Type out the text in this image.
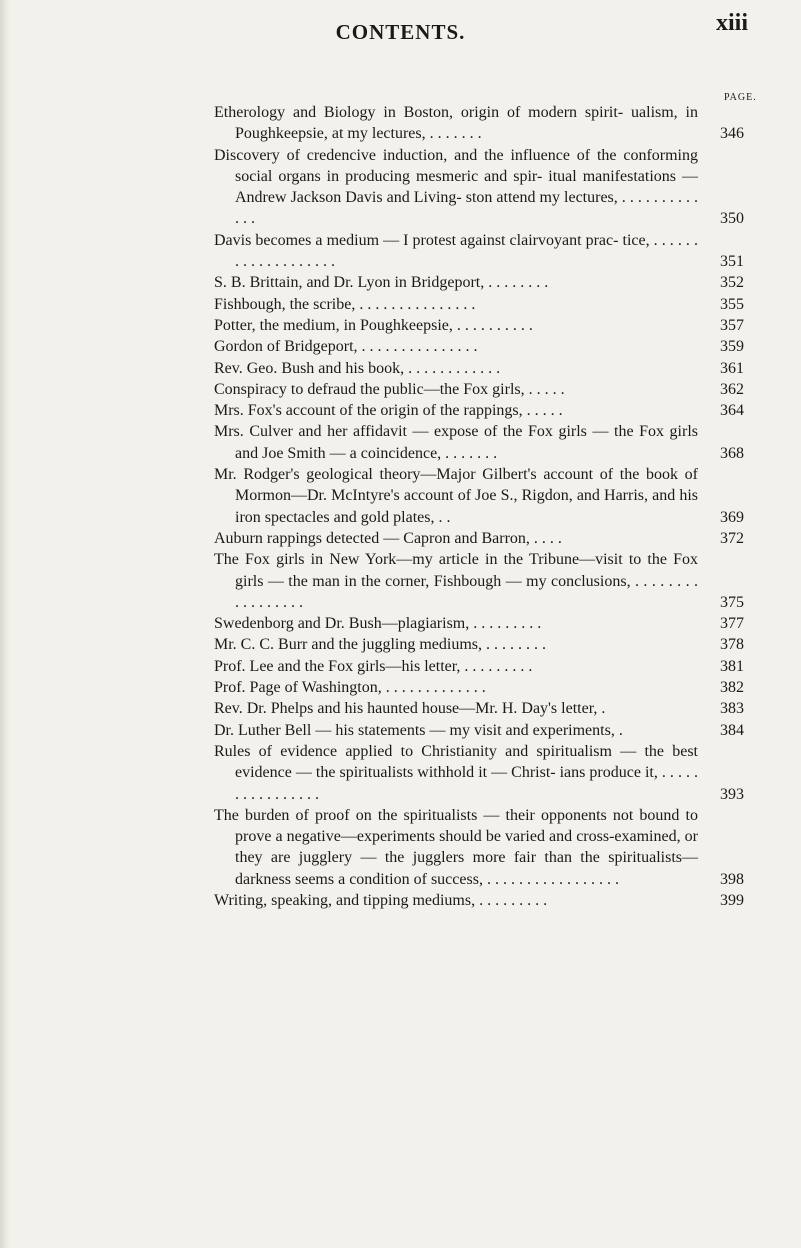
CONTENTS.	xiii
PAGE.
Etherology and Biology in Boston, origin of modern spirit- ualism, in Poughkeepsie, at my lectures, . . . . . . .	346
Discovery of credencive induction, and the influence of the conforming social organs in producing mesmeric and spir- itual manifestations — Andrew Jackson Davis and Living- ston attend my lectures, . . . . . . . . . . . . .	350
Davis becomes a medium — I protest against clairvoyant prac- tice, . . . . . . . . . . . . . . . . . . .	351
S. B. Brittain, and Dr. Lyon in Bridgeport, . . . . . . . .	352
Fishbough, the scribe, . . . . . . . . . . . . . . .	355
Potter, the medium, in Poughkeepsie, . . . . . . . . . .	357
Gordon of Bridgeport, . . . . . . . . . . . . . . .	359
Rev. Geo. Bush and his book, . . . . . . . . . . . .	361
Conspiracy to defraud the public—the Fox girls, . . . . .	362
Mrs. Fox's account of the origin of the rappings, . . . . .	364
Mrs. Culver and her affidavit — expose of the Fox girls — the Fox girls and Joe Smith — a coincidence, . . . . . . .	368
Mr. Rodger's geological theory—Major Gilbert's account of the book of Mormon—Dr. McIntyre's account of Joe S., Rigdon, and Harris, and his iron spectacles and gold plates, . .	369
Auburn rappings detected — Capron and Barron, . . . .	372
The Fox girls in New York—my article in the Tribune—visit to the Fox girls — the man in the corner, Fishbough — my conclusions, . . . . . . . . . . . . . . . . .	375
Swedenborg and Dr. Bush—plagiarism, . . . . . . . . .	377
Mr. C. C. Burr and the juggling mediums, . . . . . . . .	378
Prof. Lee and the Fox girls—his letter, . . . . . . . . .	381
Prof. Page of Washington, . . . . . . . . . . . . .	382
Rev. Dr. Phelps and his haunted house—Mr. H. Day's letter, .	383
Dr. Luther Bell — his statements — my visit and experiments, .	384
Rules of evidence applied to Christianity and spiritualism — the best evidence — the spiritualists withhold it — Christ- ians produce it, . . . . . . . . . . . . . . . .	393
The burden of proof on the spiritualists — their opponents not bound to prove a negative—experiments should be varied and cross-examined, or they are jugglery — the jugglers more fair than the spiritualists—darkness seems a condition of success, . . . . . . . . . . . . . . . . .	398
Writing, speaking, and tipping mediums, . . . . . . . . .	399
